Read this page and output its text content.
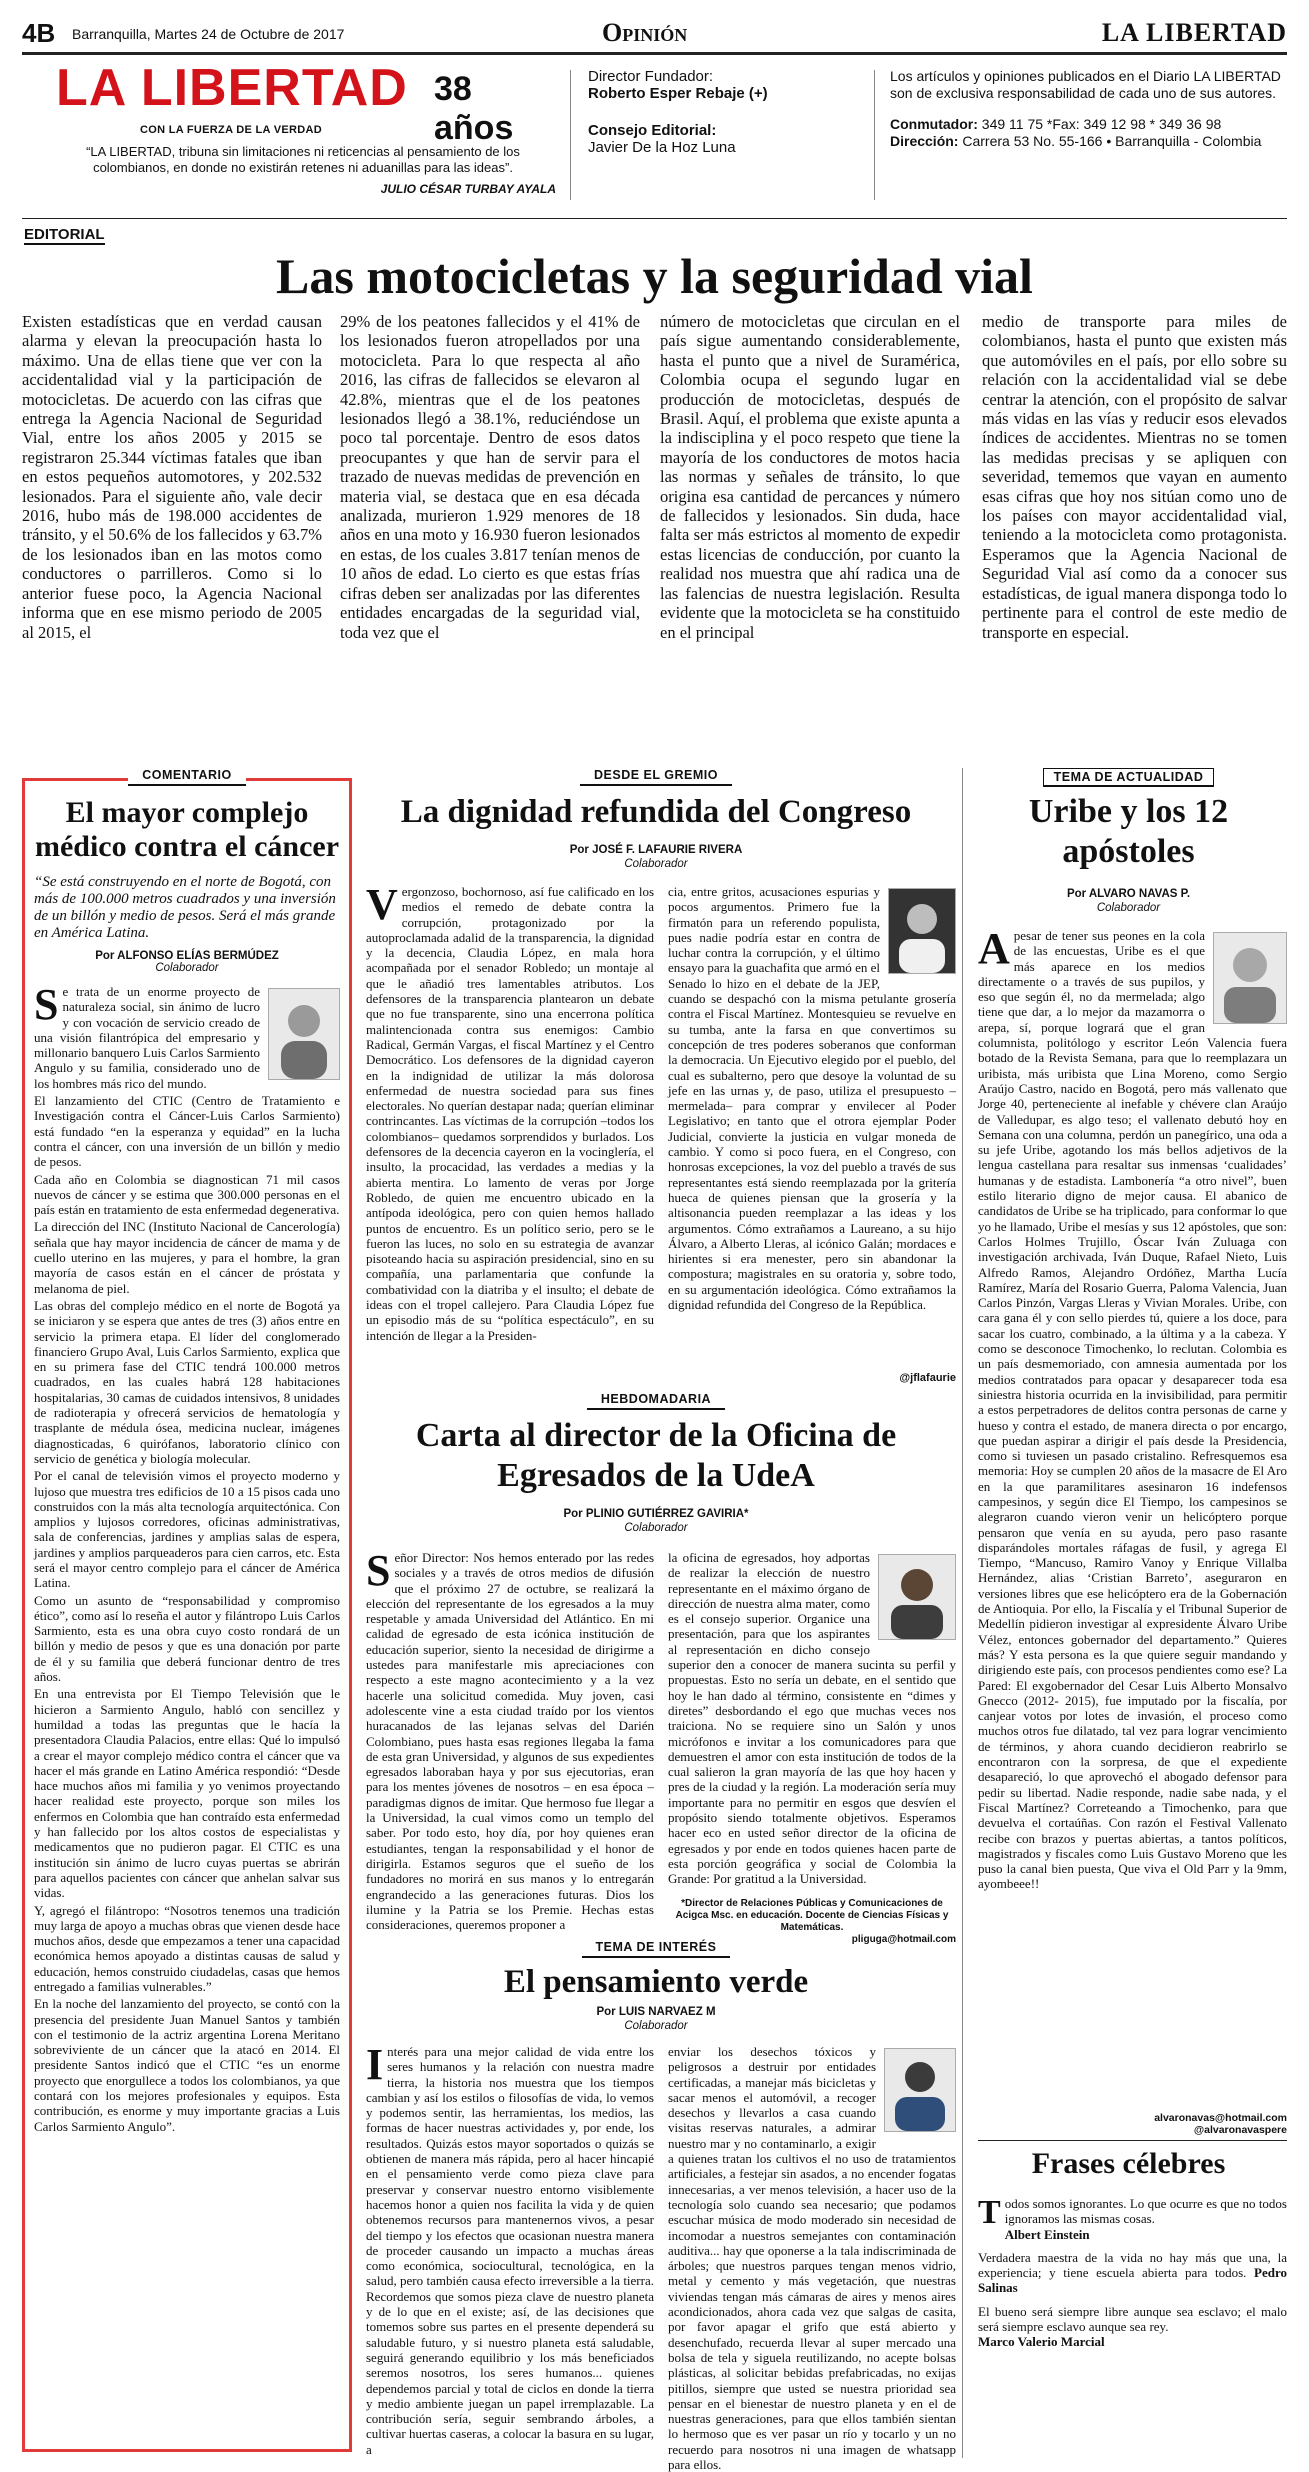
4B Barranquilla, Martes 24 de Octubre de 2017	Opinión	LA LIBERTAD
LA LIBERTAD 38 años
CON LA FUERZA DE LA VERDAD
“LA LIBERTAD, tribuna sin limitaciones ni reticencias al pensamiento de los colombianos, en donde no existirán retenes ni aduanillas para las ideas”.
JULIO CÉSAR TURBAY AYALA
Director Fundador:
Roberto Esper Rebaje (+)
Consejo Editorial:
Javier De la Hoz Luna
Los artículos y opiniones publicados en el Diario LA LIBERTAD son de exclusiva responsabilidad de cada uno de sus autores.
Conmutador: 349 11 75 *Fax: 349 12 98 * 349 36 98
Dirección: Carrera 53 No. 55-166 • Barranquilla - Colombia
EDITORIAL
Las motocicletas y la seguridad vial
Existen estadísticas que en verdad causan alarma y elevan la preocupación hasta lo máximo. Una de ellas tiene que ver con la accidentalidad vial y la participación de motocicletas. De acuerdo con las cifras que entrega la Agencia Nacional de Seguridad Vial, entre los años 2005 y 2015 se registraron 25.344 víctimas fatales que iban en estos pequeños automotores, y 202.532 lesionados. Para el siguiente año, vale decir 2016, hubo más de 198.000 accidentes de tránsito, y el 50.6% de los fallecidos y 63.7% de los lesionados iban en las motos como conductores o parrilleros. Como si lo anterior fuese poco, la Agencia Nacional informa que en ese mismo periodo de 2005 al 2015, el
29% de los peatones fallecidos y el 41% de los lesionados fueron atropellados por una motocicleta. Para lo que respecta al año 2016, las cifras de fallecidos se elevaron al 42.8%, mientras que el de los peatones lesionados llegó a 38.1%, reduciéndose un poco tal porcentaje. Dentro de esos datos preocupantes y que han de servir para el trazado de nuevas medidas de prevención en materia vial, se destaca que en esa década analizada, murieron 1.929 menores de 18 años en una moto y 16.930 fueron lesionados en estas, de los cuales 3.817 tenían menos de 10 años de edad. Lo cierto es que estas frías cifras deben ser analizadas por las diferentes entidades encargadas de la seguridad vial, toda vez que el
número de motocicletas que circulan en el país sigue aumentando considerablemente, hasta el punto que a nivel de Suramérica, Colombia ocupa el segundo lugar en producción de motocicletas, después de Brasil. Aquí, el problema que existe apunta a la indisciplina y el poco respeto que tiene la mayoría de los conductores de motos hacia las normas y señales de tránsito, lo que origina esa cantidad de percances y número de fallecidos y lesionados. Sin duda, hace falta ser más estrictos al momento de expedir estas licencias de conducción, por cuanto la realidad nos muestra que ahí radica una de las falencias de nuestra legislación. Resulta evidente que la motocicleta se ha constituido en el principal
medio de transporte para miles de colombianos, hasta el punto que existen más que automóviles en el país, por ello sobre su relación con la accidentalidad vial se debe centrar la atención, con el propósito de salvar más vidas en las vías y reducir esos elevados índices de accidentes. Mientras no se tomen las medidas precisas y se apliquen con severidad, tememos que vayan en aumento esas cifras que hoy nos sitúan como uno de los países con mayor accidentalidad vial, teniendo a la motocicleta como protagonista. Esperamos que la Agencia Nacional de Seguridad Vial así como da a conocer sus estadísticas, de igual manera disponga todo lo pertinente para el control de este medio de transporte en especial.
COMENTARIO
El mayor complejo médico contra el cáncer
“Se está construyendo en el norte de Bogotá, con más de 100.000 metros cuadrados y una inversión de un billón y medio de pesos. Será el más grande en América Latina.
Por ALFONSO ELÍAS BERMÚDEZ
Colaborador
S e trata de un enorme proyecto de naturaleza social, sin ánimo de lucro y con vocación de servicio creado de una visión filantrópica del empresario y millonario banquero Luis Carlos Sarmiento Angulo y su familia, considerado uno de los hombres más rico del mundo.

El lanzamiento del CTIC (Centro de Tratamiento e Investigación contra el Cáncer-Luis Carlos Sarmiento) está fundado “en la esperanza y equidad” en la lucha contra el cáncer, con una inversión de un billón y medio de pesos.

Cada año en Colombia se diagnostican 71 mil casos nuevos de cáncer y se estima que 300.000 personas en el país están en tratamiento de esta enfermedad degenerativa.

La dirección del INC (Instituto Nacional de Cancerología) señala que hay mayor incidencia de cáncer de mama y de cuello uterino en las mujeres, y para el hombre, la gran mayoría de casos están en el cáncer de próstata y melanoma de piel.

Las obras del complejo médico en el norte de Bogotá ya se iniciaron y se espera que antes de tres (3) años entre en servicio la primera etapa. El líder del conglomerado financiero Grupo Aval, Luis Carlos Sarmiento, explica que en su primera fase del CTIC tendrá 100.000 metros cuadrados, en las cuales habrá 128 habitaciones hospitalarias, 30 camas de cuidados intensivos, 8 unidades de radioterapia y ofrecerá servicios de hematología y trasplante de médula ósea, medicina nuclear, imágenes diagnosticadas, 6 quirófanos, laboratorio clínico con servicio de genética y biología molecular.

Por el canal de televisión vimos el proyecto moderno y lujoso que muestra tres edificios de 10 a 15 pisos cada uno construidos con la más alta tecnología arquitectónica. Con amplios y lujosos corredores, oficinas administrativas, sala de conferencias, jardines y amplias salas de espera, jardines y amplios parqueaderos para cien carros, etc. Esta será el mayor centro complejo para el cáncer de América Latina.

Como un asunto de “responsabilidad y compromiso ético”, como así lo reseña el autor y filántropo Luis Carlos Sarmiento, esta es una obra cuyo costo rondará de un billón y medio de pesos y que es una donación por parte de él y su familia que deberá funcionar dentro de tres años.

En una entrevista por El Tiempo Televisión que le hicieron a Sarmiento Angulo, habló con sencillez y humildad a todas las preguntas que le hacía la presentadora Claudia Palacios, entre ellas: Qué lo impulsó a crear el mayor complejo médico contra el cáncer que va hacer el más grande en Latino América respondió: “Desde hace muchos años mi familia y yo venimos proyectando hacer realidad este proyecto, porque son miles los enfermos en Colombia que han contraído esta enfermedad y han fallecido por los altos costos de especialistas y medicamentos que no pudieron pagar. El CTIC es una institución sin ánimo de lucro cuyas puertas se abrirán para aquellos pacientes con cáncer que anhelan salvar sus vidas.

Y, agregó el filántropo: “Nosotros tenemos una tradición muy larga de apoyo a muchas obras que vienen desde hace muchos años, desde que empezamos a tener una capacidad económica hemos apoyado a distintas causas de salud y educación, hemos construido ciudadelas, casas que hemos entregado a familias vulnerables.”

En la noche del lanzamiento del proyecto, se contó con la presencia del presidente Juan Manuel Santos y también con el testimonio de la actriz argentina Lorena Meritano sobreviviente de un cáncer que la atacó en 2014. El presidente Santos indicó que el CTIC “es un enorme proyecto que enorgullece a todos los colombianos, ya que contará con los mejores profesionales y equipos. Esta contribución, es enorme y muy importante gracias a Luis Carlos Sarmiento Angulo”.

DESDE EL GREMIO
La dignidad refundida del Congreso
Por JOSÉ F. LAFAURIE RIVERA
Colaborador
Vergonzoso, bochornoso, así fue calificado en los medios el remedo de debate contra la corrupción, protagonizado por la autoproclamada adalid de la transparencia, la dignidad y la decencia, Claudia López, en mala hora acompañada por el senador Robledo; un montaje al que le añadió tres lamentables atributos. Los defensores de la transparencia plantearon un debate que no fue transparente, sino una encerrona política malintencionada contra sus enemigos: Cambio Radical, Germán Vargas, el fiscal Martínez y el Centro Democrático. Los defensores de la dignidad cayeron en la indignidad de utilizar la más dolorosa enfermedad de nuestra sociedad para sus fines electorales. No querían destapar nada; querían eliminar contrincantes. Las víctimas de la corrupción –todos los colombianos– quedamos sorprendidos y burlados. Los defensores de la decencia cayeron en la vocinglería, el insulto, la procacidad, las verdades a medias y la abierta mentira. Lo lamento de veras por Jorge Robledo, de quien me encuentro ubicado en la antípoda ideológica, pero con quien hemos hallado puntos de encuentro. Es un político serio, pero se le fueron las luces, no solo en su estrategia de avanzar pisoteando hacia su aspiración presidencial, sino en su compañía, una parlamentaria que confunde la combatividad con la diatriba y el insulto; el debate de ideas con el tropel callejero. Para Claudia López fue un episodio más de su “política espectáculo”, en su intención de llegar a la Presiden-
cia, entre gritos, acusaciones espurias y pocos argumentos. Primero fue la firmatón para un referendo populista, pues nadie podría estar en contra de luchar contra la corrupción, y el último ensayo para la guachafita que armó en el Senado lo hizo en el debate de la JEP, cuando se despachó con la misma petulante grosería contra el Fiscal Martínez. Montesquieu se revuelve en su tumba, ante la farsa en que convertimos su concepción de tres poderes soberanos que conforman la democracia. Un Ejecutivo elegido por el pueblo, del cual es subalterno, pero que desoye la voluntad de su jefe en las urnas y, de paso, utiliza el presupuesto –mermelada– para comprar y envilecer al Poder Legislativo; en tanto que el otrora ejemplar Poder Judicial, convierte la justicia en vulgar moneda de cambio. Y como si poco fuera, en el Congreso, con honrosas excepciones, la voz del pueblo a través de sus representantes está siendo reemplazada por la gritería hueca de quienes piensan que la grosería y la altisonancia pueden reemplazar a las ideas y los argumentos. Cómo extrañamos a Laureano, a su hijo Álvaro, a Alberto Lleras, al icónico Galán; mordaces e hirientes si era menester, pero sin abandonar la compostura; magistrales en su oratoria y, sobre todo, en su argumentación ideológica. Cómo extrañamos la dignidad refundida del Congreso de la República.
@jflafaurie
HEBDOMADARIA
Carta al director de la Oficina de Egresados de la UdeA
Por PLINIO GUTIÉRREZ GAVIRIA*
Colaborador
Señor Director: Nos hemos enterado por las redes sociales y a través de otros medios de difusión que el próximo 27 de octubre, se realizará la elección del representante de los egresados a la muy respetable y amada Universidad del Atlántico. En mi calidad de egresado de esta icónica institución de educación superior, siento la necesidad de dirigirme a ustedes para manifestarle mis apreciaciones con respecto a este magno acontecimiento y a la vez hacerle una solicitud comedida. Muy joven, casi adolescente vine a esta ciudad traído por los vientos huracanados de las lejanas selvas del Darién Colombiano, pues hasta esas regiones llegaba la fama de esta gran Universidad, y algunos de sus expedientes egresados laboraban haya y por sus ejecutorias, eran para los mentes jóvenes de nosotros – en esa época – paradigmas dignos de imitar. Que hermoso fue llegar a la Universidad, la cual vimos como un templo del saber. Por todo esto, hoy día, por hoy quienes eran estudiantes, tengan la responsabilidad y el honor de dirigirla. Estamos seguros que el sueño de los fundadores no morirá en sus manos y lo entregarán engrandecido a las generaciones futuras. Dios los ilumine y la Patria se los Premie. Hechas estas consideraciones, queremos proponer a
la oficina de egresados, hoy adportas de realizar la elección de nuestro representante en el máximo órgano de dirección de nuestra alma mater, como es el consejo superior. Organice una presentación, para que los aspirantes al representación en dicho consejo superior den a conocer de manera sucinta su perfil y propuestas. Esto no sería un debate, en el sentido que hoy le han dado al término, consistente en “dimes y diretes” desbordando el ego que muchas veces nos traiciona. No se requiere sino un Salón y unos micrófonos e invitar a los comunicadores para que demuestren el amor con esta institución de todos de la cual salieron la gran mayoría de las que hoy hacen y pres de la ciudad y la región. La moderación sería muy importante para no permitir en esgos que desvíen el propósito siendo totalmente objetivos. Esperamos hacer eco en usted señor director de la oficina de egresados y por ende en todos quienes hacen parte de esta porción geográfica y social de Colombia la Grande: Por gratitud a la Universidad.
*Director de Relaciones Públicas y Comunicaciones de Acigca Msc. en educación. Docente de Ciencias Físicas y Matemáticas.
pligugа@hotmail.com
TEMA DE INTERÉS
El pensamiento verde
Por LUIS NARVAEZ M
Colaborador
Interés para una mejor calidad de vida entre los seres humanos y la relación con nuestra madre tierra, la historia nos muestra que los tiempos cambian y así los estilos o filosofías de vida, lo vemos y podemos sentir, las herramientas, los medios, las formas de hacer nuestras actividades y, por ende, los resultados. Quizás estos mayor soportados o quizás se obtienen de manera más rápida, pero al hacer hincapié en el pensamiento verde como pieza clave para preservar y conservar nuestro entorno visiblemente hacemos honor a quien nos facilita la vida y de quien obtenemos recursos para mantenernos vivos, a pesar del tiempo y los efectos que ocasionan nuestra manera de proceder causando un impacto a muchas áreas como económica, sociocultural, tecnológica, en la salud, pero también causa efecto irreversible a la tierra. Recordemos que somos pieza clave de nuestro planeta y de lo que en el existe; así, de las decisiones que tomemos sobre sus partes en el presente dependerá su saludable futuro, y si nuestro planeta está saludable, seguirá generando equilibrio y los más beneficiados seremos nosotros, los seres humanos... quienes dependemos parcial y total de ciclos en donde la tierra y medio ambiente juegan un papel irremplazable. La contribución sería, seguir sembrando árboles, a cultivar huertas caseras, a colocar la basura en su lugar, a
enviar los desechos tóxicos y peligrosos a destruir por entidades certificadas, a manejar más bicicletas y sacar menos el automóvil, a recoger desechos y llevarlos a casa cuando visitas reservas naturales, a admirar nuestro mar y no contaminarlo, a exigir a quienes tratan los cultivos el no uso de tratamientos artificiales, a festejar sin asados, a no encender fogatas innecesarias, a ver menos televisión, a hacer uso de la tecnología solo cuando sea necesario; que podamos escuchar música de modo moderado sin necesidad de incomodar a nuestros semejantes con contaminación auditiva... hay que oponerse a la tala indiscriminada de árboles; que nuestros parques tengan menos vidrio, metal y cemento y más vegetación, que nuestras viviendas tengan más cámaras de aires y menos aires acondicionados, ahora cada vez que salgas de casita, por favor apagar el grifo que está abierto y desenchufado, recuerda llevar al super mercado una bolsa de tela y siguela reutilizando, no acepte bolsas plásticas, al solicitar bebidas prefabricadas, no exijas pitillos, siempre que usted se nuestra prioridad sea pensar en el bienestar de nuestro planeta y en el de nuestras generaciones, para que ellos también sientan lo hermoso que es ver pasar un río y tocarlo y un no recuerdo para nosotros ni una imagen de whatsapp para ellos.
TEMA DE ACTUALIDAD
Uribe y los 12 apóstoles
Por ALVARO NAVAS P.
Colaborador
Apesar de tener sus peones en la cola de las encuestas, Uribe es el que más aparece en los medios directamente o a través de sus pupilos, y eso que según él, no da mermelada; algo tiene que dar, a lo mejor da mazamorra o arepa, sí, porque logrará que el gran columnista, politólogo y escritor León Valencia fuera botado de la Revista Semana, para que lo reemplazara un uribista, más uribista que Lina Moreno, como Sergio Araújo Castro, nacido en Bogotá, pero más vallenato que Jorge 40, perteneciente al inefable y chévere clan Araújo de Valledupar, es algo teso; el vallenato debutó hoy en Semana con una columna, perdón un panegírico, una oda a su jefe Uribe, agotando los más bellos adjetivos de la lengua castellana para resaltar sus inmensas ‘cualidades’ humanas y de estadista. Lambonería “a otro nivel”, buen estilo literario digno de mejor causa. El abanico de candidatos de Uribe se ha triplicado, para conformar lo que yo he llamado, Uribe el mesías y sus 12 apóstoles, que son: Carlos Holmes Trujillo, Óscar Iván Zuluaga con investigación archivada, Iván Duque, Rafael Nieto, Luis Alfredo Ramos, Alejandro Ordóñez, Martha Lucía Ramírez, María del Rosario Guerra, Paloma Valencia, Juan Carlos Pinzón, Vargas Lleras y Vivian Morales. Uribe, con cara gana él y con sello pierdes tú, quiere a los doce, para sacar los cuatro, combinado, a la última y a la cabeza. Y como se desconoce Timochenko, lo reclutan. Colombia es un país desmemoriado, con amnesia aumentada por los medios contratados para opacar y desaparecer toda esa siniestra historia ocurrida en la invisibilidad, para permitir a estos perpetradores de delitos contra personas de carne y hueso y contra el estado, de manera directa o por encargo, que puedan aspirar a dirigir el país desde la Presidencia, como si tuviesen un pasado cristalino. Refresquemos esa memoria: Hoy se cumplen 20 años de la masacre de El Aro en la que paramilitares asesinaron 16 indefensos campesinos, y según dice El Tiempo, los campesinos se alegraron cuando vieron venir un helicóptero porque pensaron que venía en su ayuda, pero paso rasante disparándoles mortales ráfagas de fusil, y agrega El Tiempo, “Mancuso, Ramiro Vanoy y Enrique Villalba Hernández, alias ‘Cristian Barreto’, aseguraron en versiones libres que ese helicóptero era de la Gobernación de Antioquia. Por ello, la Fiscalía y el Tribunal Superior de Medellín pidieron investigar al expresidente Álvaro Uribe Vélez, entonces gobernador del departamento.” Quieres más? Y esta persona es la que quiere seguir mandando y dirigiendo este país, con procesos pendientes como ese? La Pared: El exgobernador del Cesar Luis Alberto Monsalvo Gnecco (2012- 2015), fue imputado por la fiscalía, por canjear votos por lotes de invasión, el proceso como muchos otros fue dilatado, tal vez para lograr vencimiento de términos, y ahora cuando decidieron reabrirlo se encontraron con la sorpresa, de que el expediente desapareció, lo que aprovechó el abogado defensor para pedir su libertad. Nadie responde, nadie sabe nada, y el Fiscal Martínez? Correteando a Timochenko, para que devuelva el cortaúñas. Con razón el Festival Vallenato recibe con brazos y puertas abiertas, a tantos políticos, magistrados y fiscales como Luis Gustavo Moreno que les puso la canal bien puesta, Que viva el Old Parr y la 9mm, ayombeee!!
alvaronavas@hotmail.com
@alvaronavaspere
Frases célebres

Todos somos ignorantes. Lo que ocurre es que no todos ignoramos las mismas cosas.
Albert Einstein

Verdadera maestra de la vida no hay más que una, la experiencia; y tiene escuela abierta para todos. Pedro Salinas

El bueno será siempre libre aunque sea esclavo; el malo será siempre esclavo aunque sea rey.
Marco Valerio Marcial
